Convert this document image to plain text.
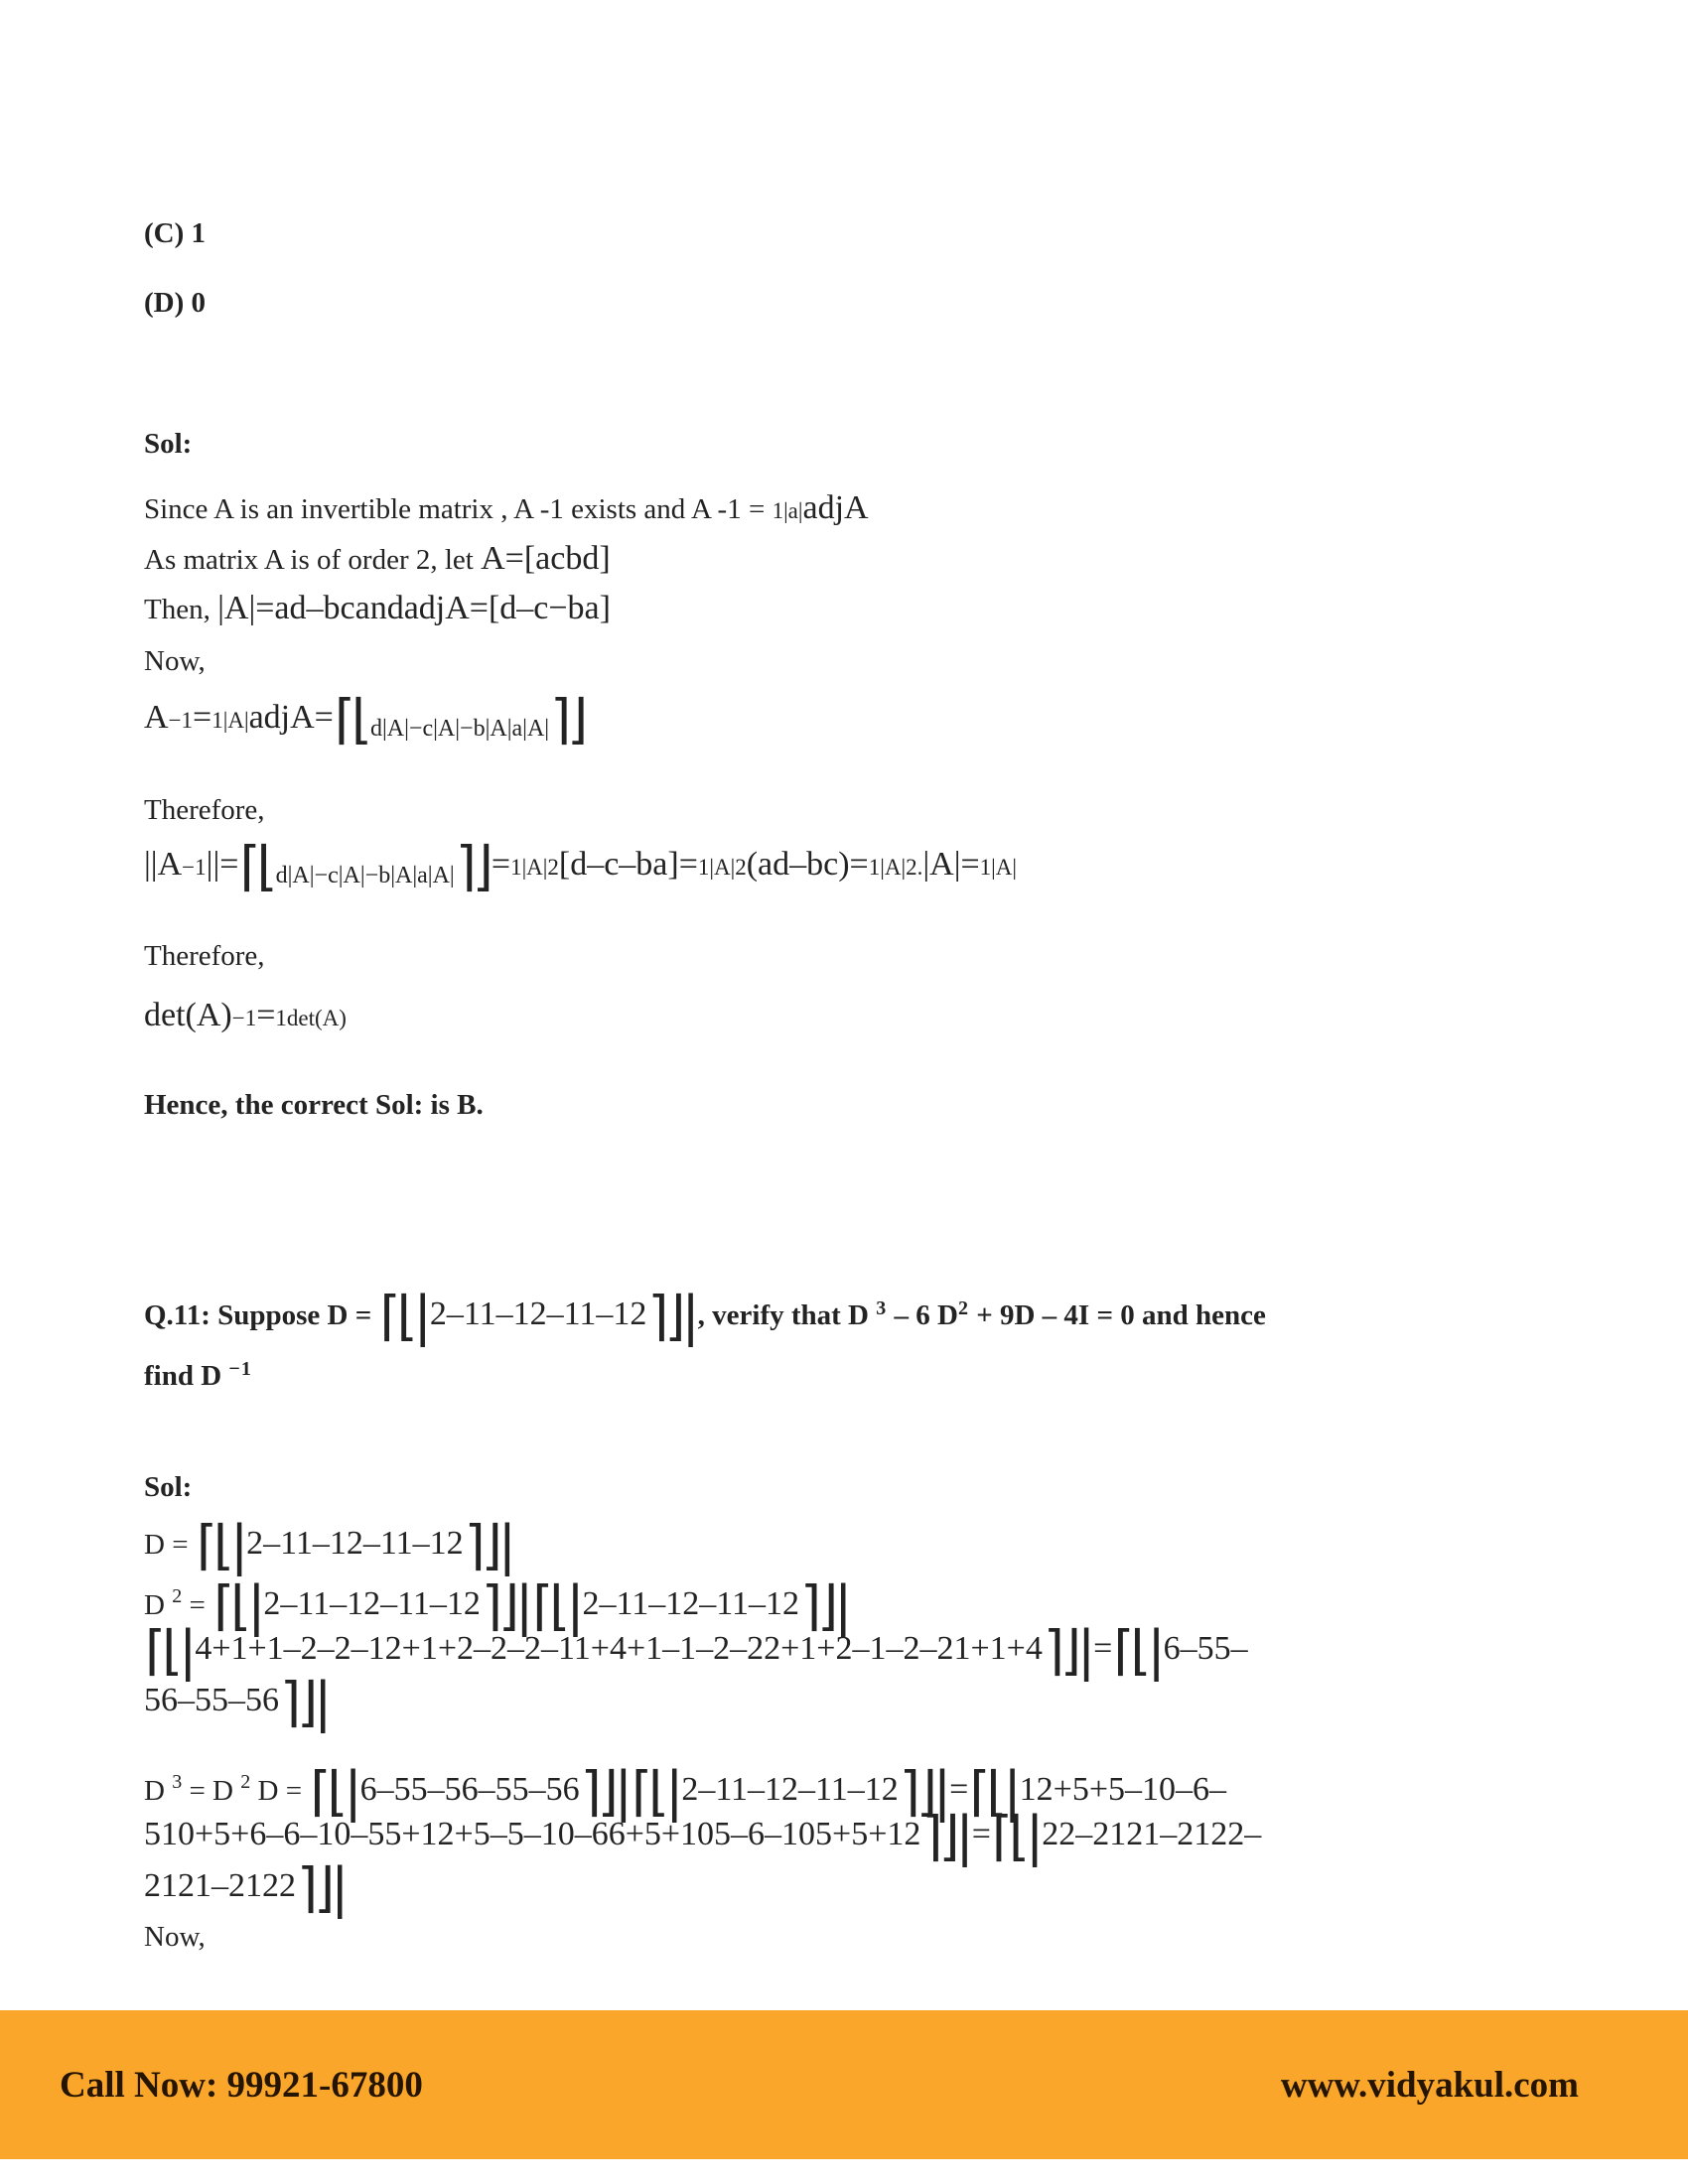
(C) 1
(D) 0
Sol:
Since A is an invertible matrix , A -1 exists and A -1 = 1|a|adjA
As matrix A is of order 2, let A=[acbd]
Then, |A|=ad–bcandadjA=[d–c−ba]
Now,
A−1=1|A|adjA=⌈⌊d|A|−c|A|−b|A|a|A|⌉⌋
Therefore,
||A−1||=⌈⌊d|A|−c|A|−b|A|a|A|⌉⌋=1|A|2[d–c–ba]=1|A|2(ad–bc)=1|A|2.|A|=1|A|
Therefore,
det(A)−1=1det(A)
Hence, the correct Sol: is B.
Q.11: Suppose D = ⌈⌊|2–11–12–11–12⌉⌋|, verify that D 3 – 6 D2 + 9D – 4I = 0 and hence
find D −1
Sol:
D = ⌈⌊|2–11–12–11–12⌉⌋|
D 2 = ⌈⌊|2–11–12–11–12⌉⌋|⌈⌊|2–11–12–11–12⌉⌋|
⌈⌊|4+1+1–2–2–12+1+2–2–2–11+4+1–1–2–22+1+2–1–2–21+1+4⌉⌋|=⌈⌊|6–55–
56–55–56⌉⌋|
D 3 = D 2 D = ⌈⌊|6–55–56–55–56⌉⌋|⌈⌊|2–11–12–11–12⌉⌋|=⌈⌊|12+5+5–10–6–
510+5+6–6–10–55+12+5–5–10–66+5+105–6–105+5+12⌉⌋|=⌈⌊|22–2121–2122–
2121–2122⌉⌋|
Now,
Call Now: 99921-67800	www.vidyakul.com
